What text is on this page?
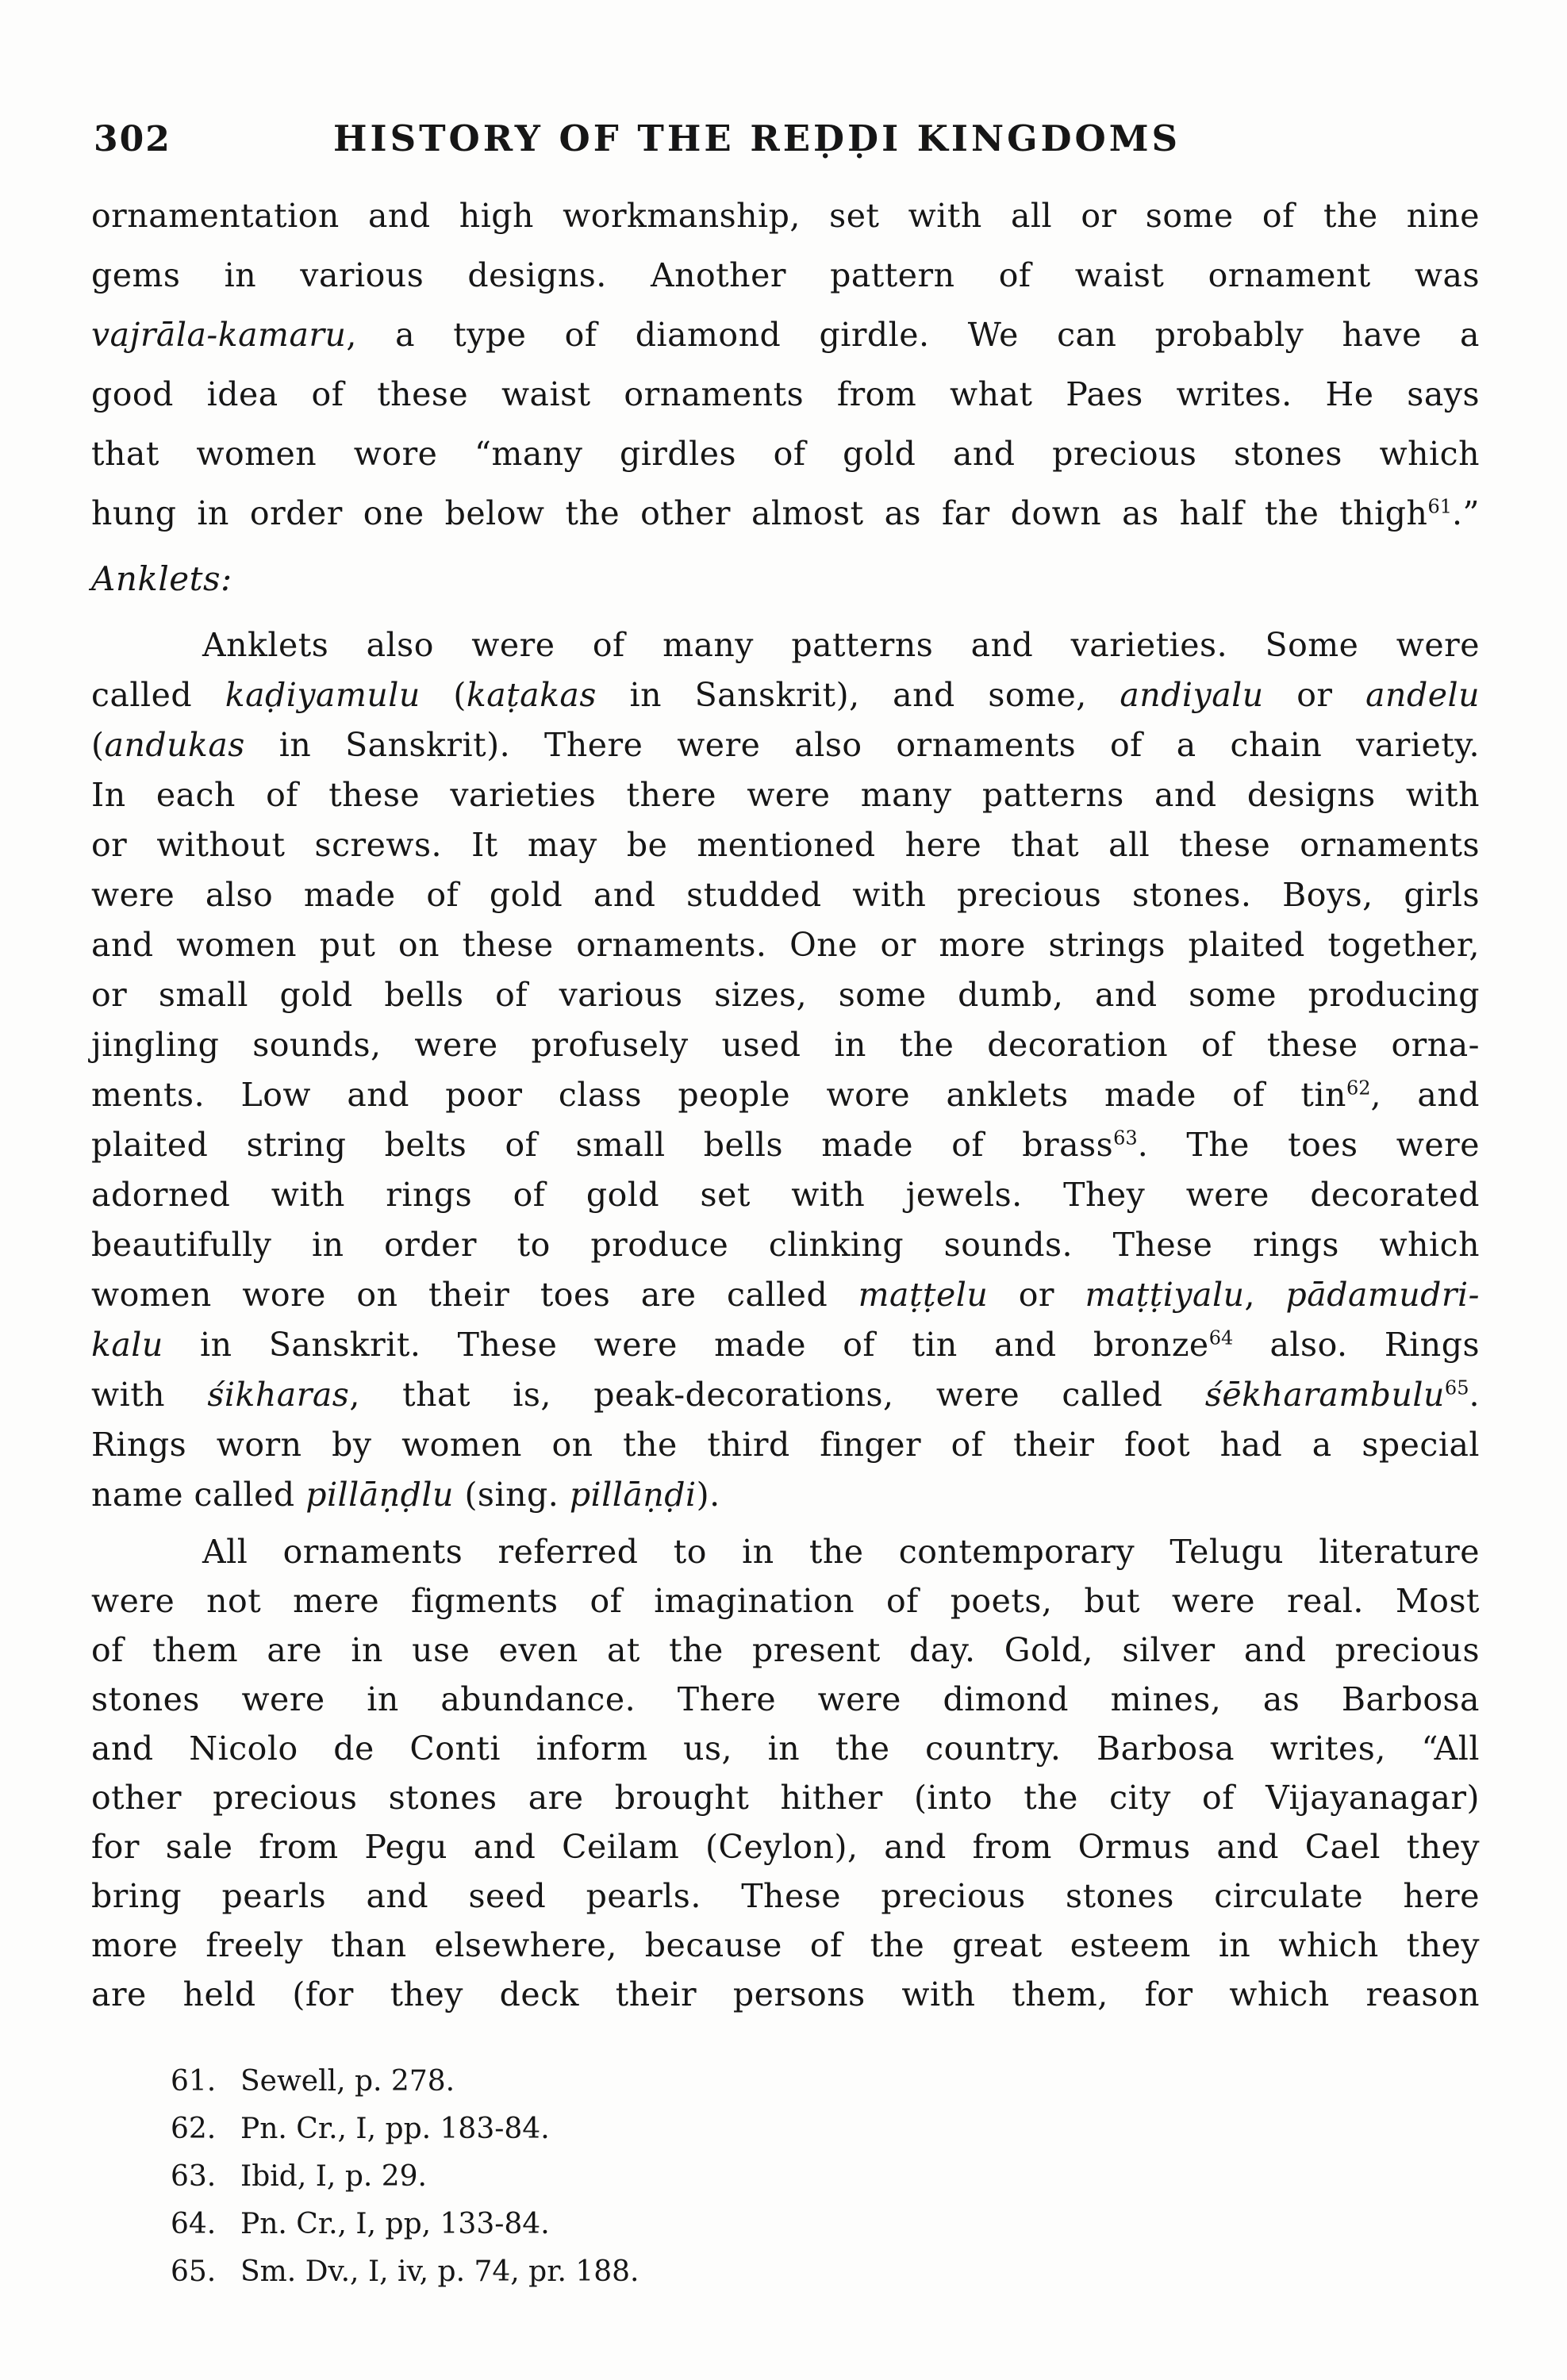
302	HISTORY OF THE REḌḌI KINGDOMS
ornamentation and high workmanship, set with all or some of the nine
gems in various designs. Another pattern of waist ornament was
vajrāla-kamaru, a type of diamond girdle. We can probably have a
good idea of these waist ornaments from what Paes writes. He says
that women wore “many girdles of gold and precious stones which
hung in order one below the other almost as far down as half the thigh$^{61}$.”
Anklets:
Anklets also were of many patterns and varieties. Some were
called kaḍiyamulu (kaṭakas in Sanskrit), and some, andiyalu or andelu
(andukas in Sanskrit). There were also ornaments of a chain variety.
In each of these varieties there were many patterns and designs with
or without screws. It may be mentioned here that all these ornaments
were also made of gold and studded with precious stones. Boys, girls
and women put on these ornaments. One or more strings plaited together,
or small gold bells of various sizes, some dumb, and some producing
jingling sounds, were profusely used in the decoration of these orna-
ments. Low and poor class people wore anklets made of tin$^{62}$, and
plaited string belts of small bells made of brass$^{63}$. The toes were
adorned with rings of gold set with jewels. They were decorated
beautifully in order to produce clinking sounds. These rings which
women wore on their toes are called maṭṭelu or maṭṭiyalu, pādamudri-
kalu in Sanskrit. These were made of tin and bronze$^{64}$ also. Rings
with śikharas, that is, peak-decorations, were called śēkharambulu$^{65}$.
Rings worn by women on the third finger of their foot had a special
name called pillāṇḍlu (sing. pillāṇḍi).
All ornaments referred to in the contemporary Telugu literature
were not mere figments of imagination of poets, but were real. Most
of them are in use even at the present day. Gold, silver and precious
stones were in abundance. There were dimond mines, as Barbosa
and Nicolo de Conti inform us, in the country. Barbosa writes, “All
other precious stones are brought hither (into the city of Vijayanagar)
for sale from Pegu and Ceilam (Ceylon), and from Ormus and Cael they
bring pearls and seed pearls. These precious stones circulate here
more freely than elsewhere, because of the great esteem in which they
are held (for they deck their persons with them, for which reason
61. Sewell, p. 278.
62. Pn. Cr., I, pp. 183-84.
63. Ibid, I, p. 29.
64. Pn. Cr., I, pp, 133-84.
65. Sm. Dv., I, iv, p. 74, pr. 188.
